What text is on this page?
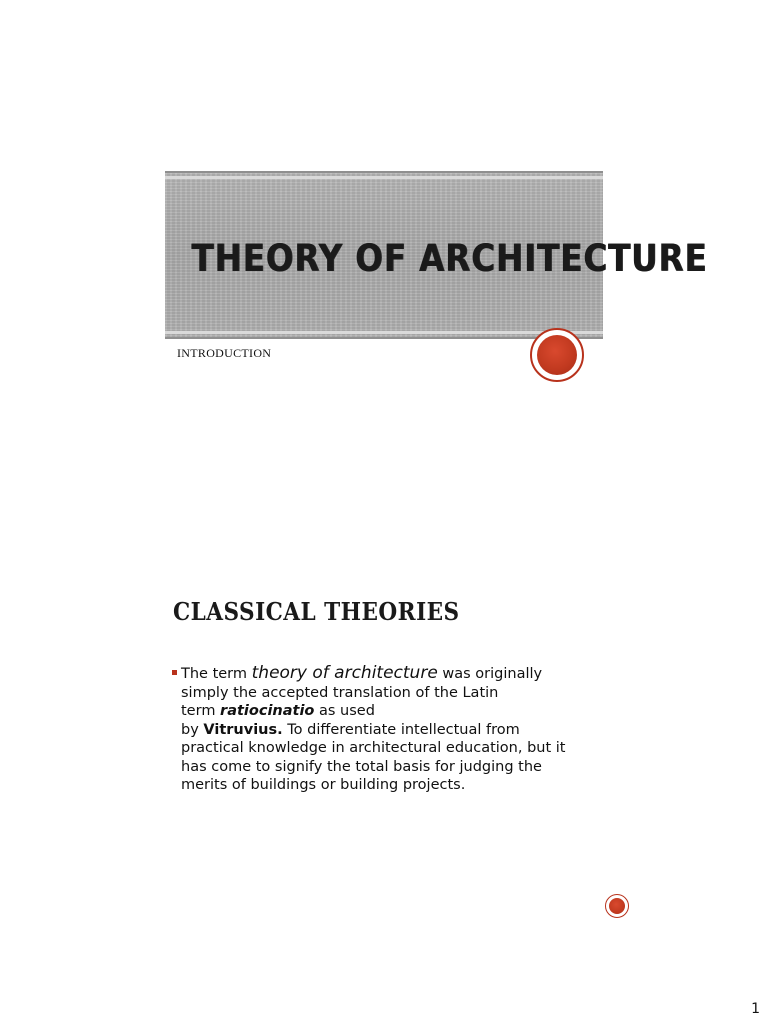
THEORY OF ARCHITECTURE
INTRODUCTION
CLASSICAL THEORIES
The term theory of architecture was originally
simply the accepted translation of the Latin
term ratiocinatio as used
by Vitruvius. To differentiate intellectual from
practical knowledge in architectural education, but it
has come to signify the total basis for judging the
merits of buildings or building projects.
1
